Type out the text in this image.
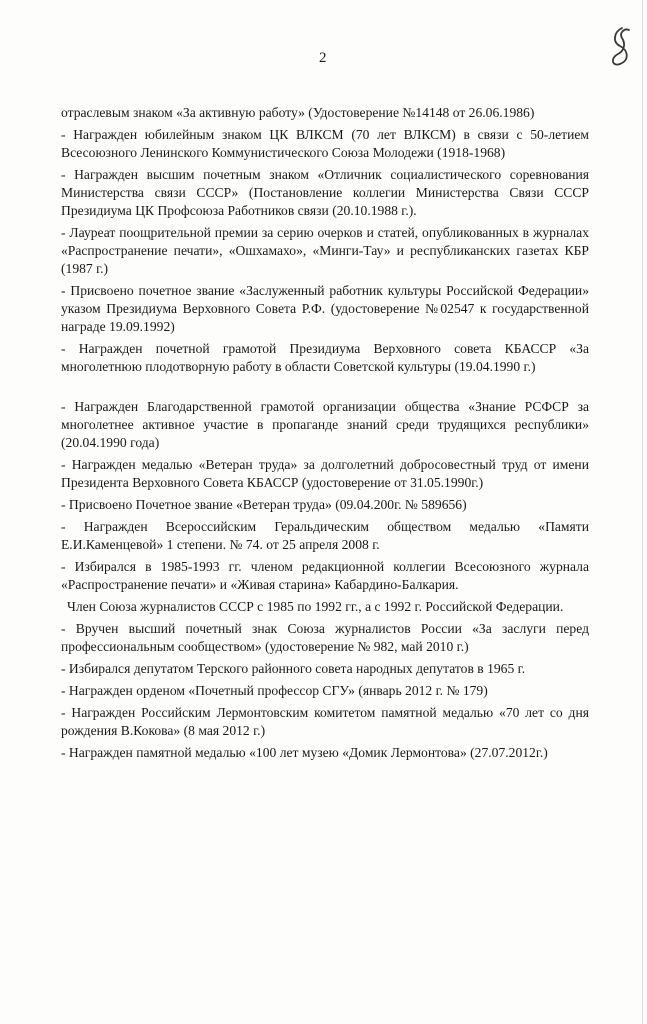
2

отраслевым знаком «За активную работу» (Удостоверение №14148 от 26.06.1986)

- Награжден юбилейным знаком ЦК ВЛКСМ (70 лет ВЛКСМ) в связи с 50-летием Всесоюзного Ленинского Коммунистического Союза Молодежи (1918-1968)

- Награжден высшим почетным знаком «Отличник социалистического соревнования Министерства связи СССР» (Постановление коллегии Министерства Связи СССР Президиума ЦК Профсоюза Работников связи (20.10.1988 г.).

- Лауреат поощрительной премии за серию очерков и статей, опубликованных в журналах «Распространение печати», «Ошхамахо», «Минги-Тау» и республиканских газетах КБР (1987 г.)

- Присвоено почетное звание «Заслуженный работник культуры Российской Федерации» указом Президиума Верховного Совета Р.Ф. (удостоверение №02547 к государственной награде 19.09.1992)

- Награжден почетной грамотой Президиума Верховного совета КБАССР «За многолетнюю плодотворную работу в области Советской культуры (19.04.1990 г.)

- Награжден Благодарственной грамотой организации общества «Знание РСФСР за многолетнее активное участие в пропаганде знаний среди трудящихся республики» (20.04.1990 года)

- Награжден медалью «Ветеран труда» за долголетний добросовестный труд от имени Президента Верховного Совета КБАССР (удостоверение от 31.05.1990г.)

- Присвоено Почетное звание «Ветеран труда» (09.04.200г. № 589656)

- Награжден Всероссийским Геральдическим обществом медалью «Памяти Е.И.Каменцевой» 1 степени. № 74. от 25 апреля 2008 г.

- Избирался в 1985-1993 гг. членом редакционной коллегии Всесоюзного журнала «Распространение печати» и «Живая старина» Кабардино-Балкария.

Член Союза журналистов СССР с 1985 по 1992 гг., а с 1992 г. Российской Федерации.

- Вручен высший почетный знак Союза журналистов России «За заслуги перед профессиональным сообществом» (удостоверение № 982, май 2010 г.)

- Избирался депутатом Терского районного совета народных депутатов в 1965 г.

- Награжден орденом «Почетный профессор СГУ» (январь 2012 г. № 179)

- Награжден Российским Лермонтовским комитетом памятной медалью «70 лет со дня рождения В.Кокова» (8 мая 2012 г.)

- Награжден памятной медалью «100 лет музею «Домик Лермонтова» (27.07.2012г.)
